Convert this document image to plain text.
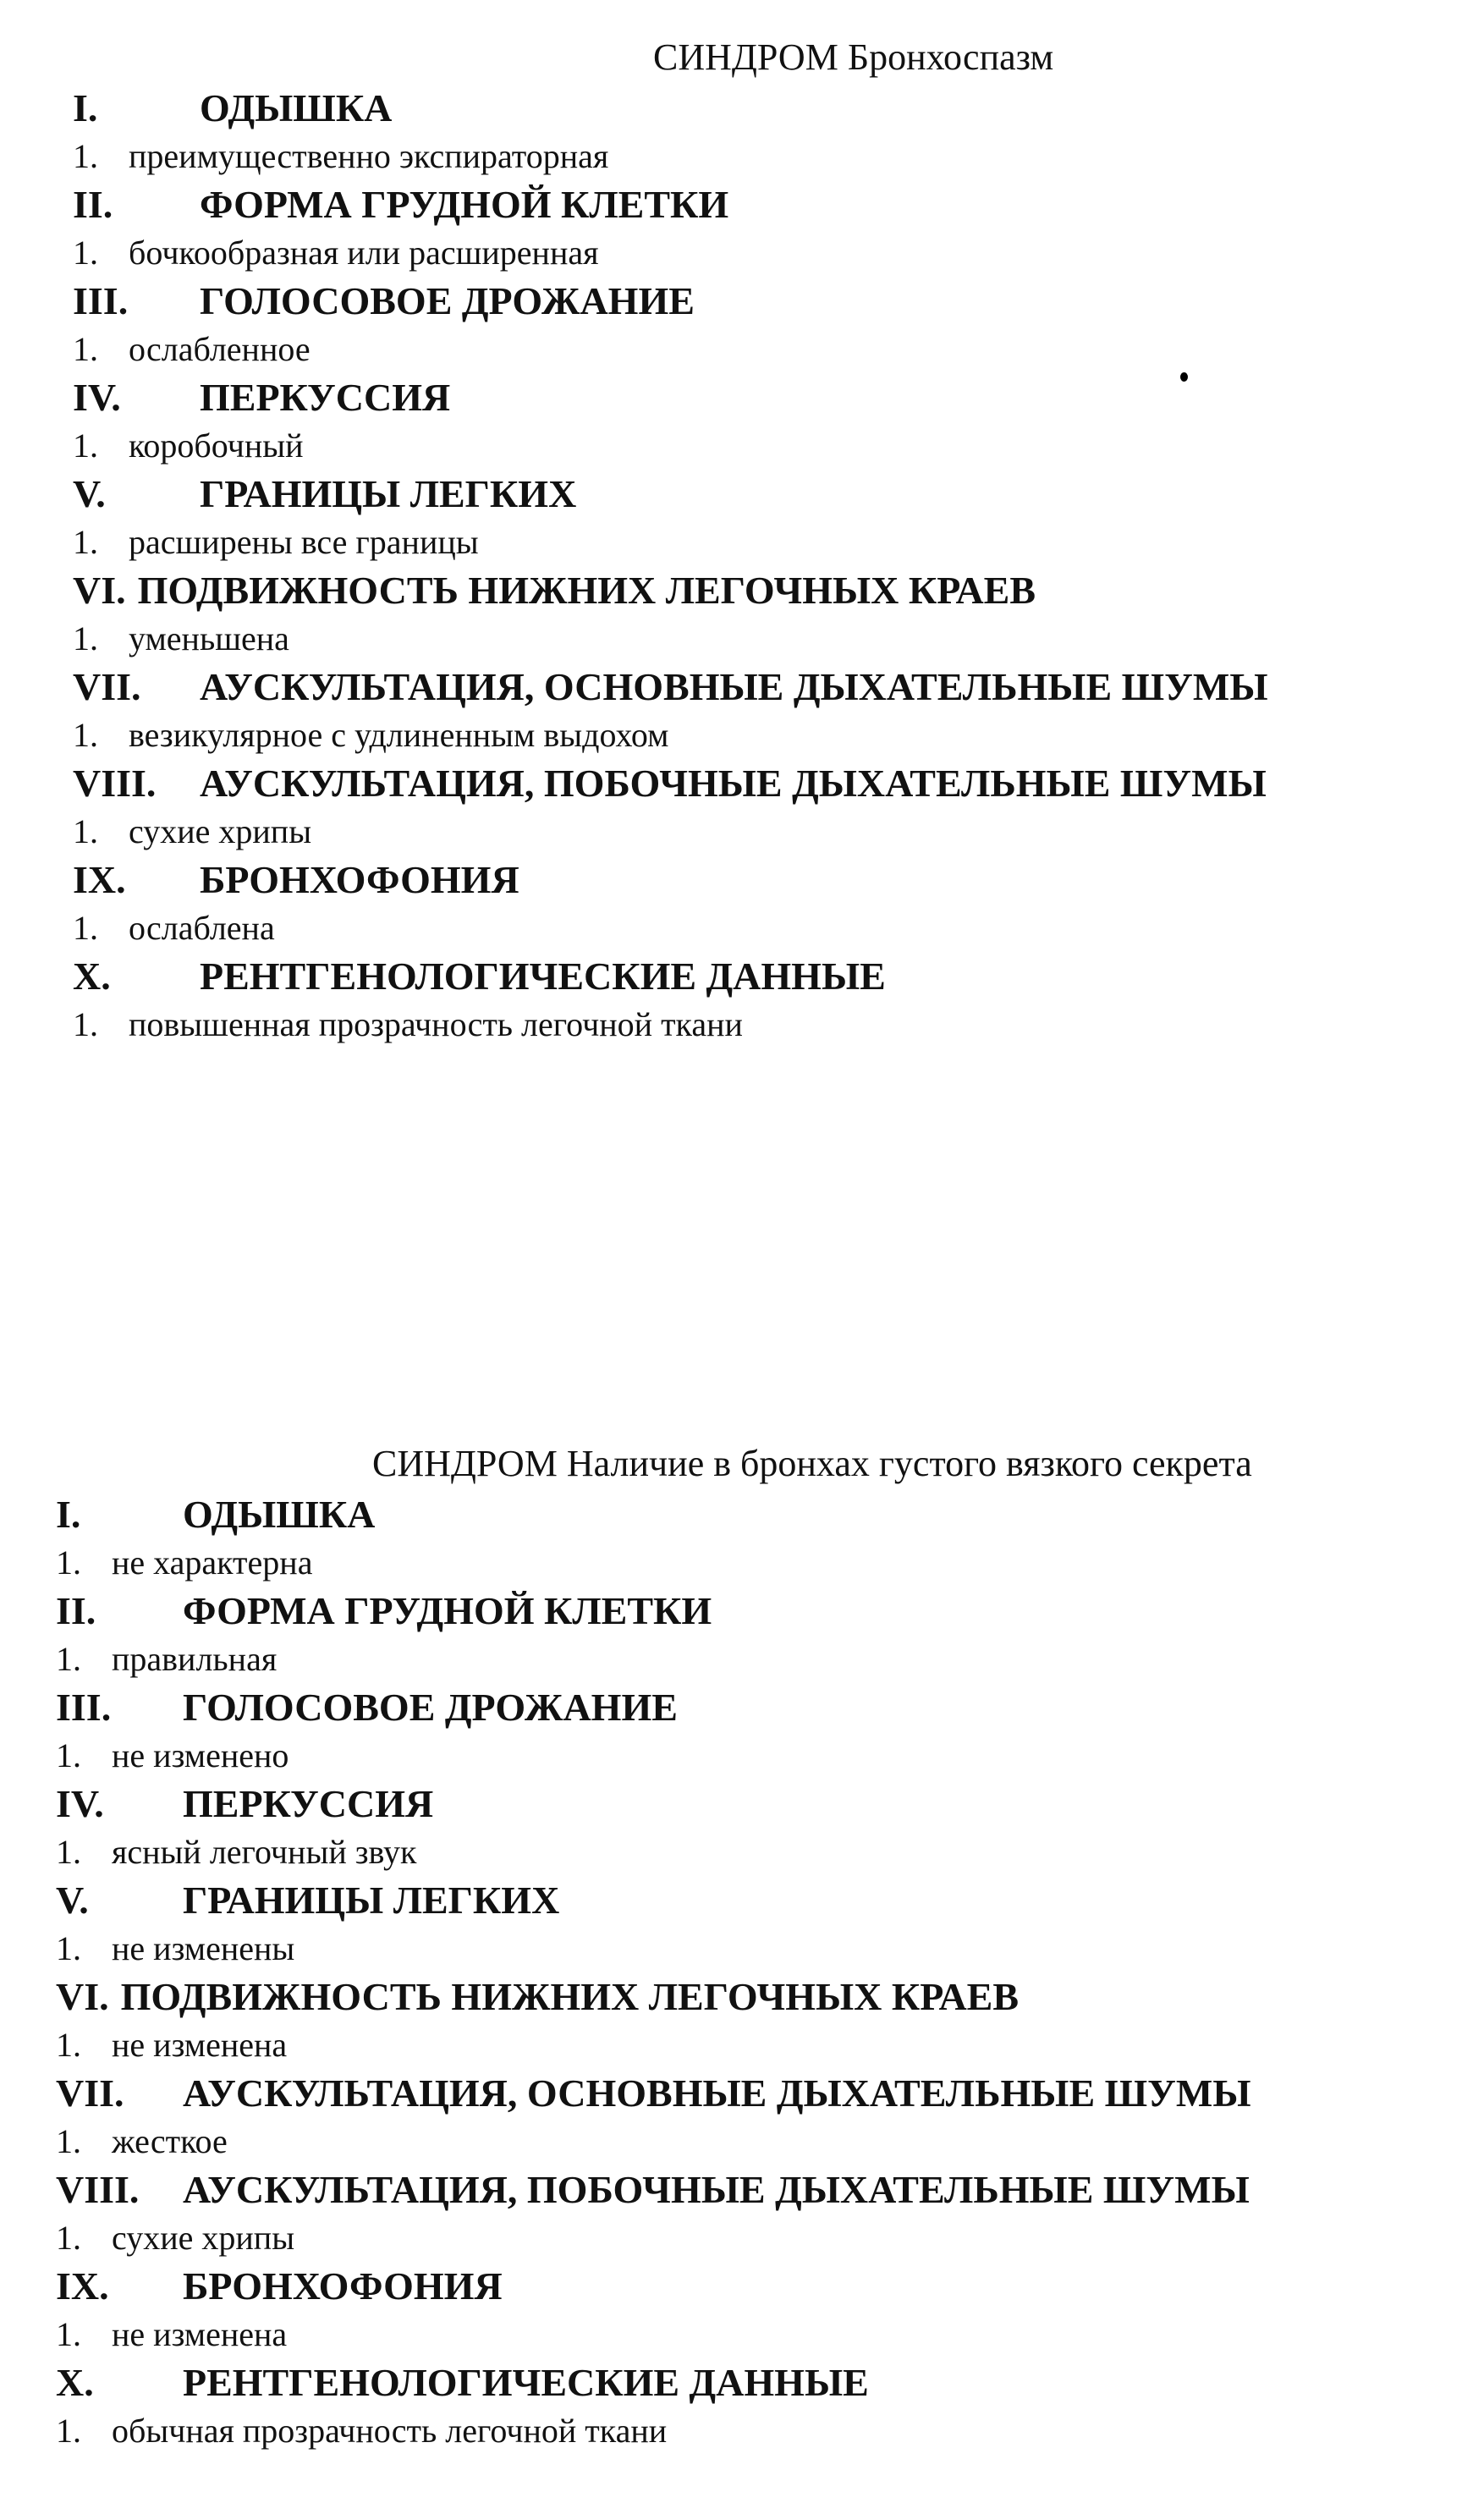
СИНДРОМ Бронхоспазм
I.	ОДЫШКА
1. преимущественно экспираторная
II.	ФОРМА ГРУДНОЙ КЛЕТКИ
1. бочкообразная или расширенная
III.	ГОЛОСОВОЕ ДРОЖАНИЕ
1. ослабленное
IV.	ПЕРКУССИЯ
1. коробочный
V.	ГРАНИЦЫ ЛЕГКИХ
1. расширены все границы
VI. ПОДВИЖНОСТЬ НИЖНИХ ЛЕГОЧНЫХ КРАЕВ
1. уменьшена
VII.	АУСКУЛЬТАЦИЯ, ОСНОВНЫЕ ДЫХАТЕЛЬНЫЕ ШУМЫ
1. везикулярное с удлиненным выдохом
VIII.	АУСКУЛЬТАЦИЯ, ПОБОЧНЫЕ ДЫХАТЕЛЬНЫЕ ШУМЫ
1. сухие хрипы
IX.	БРОНХОФОНИЯ
1. ослаблена
X.	РЕНТГЕНОЛОГИЧЕСКИЕ ДАННЫЕ
1. повышенная прозрачность легочной ткани
СИНДРОМ Наличие в бронхах густого вязкого секрета
I.	ОДЫШКА
1. не характерна
II.	ФОРМА ГРУДНОЙ КЛЕТКИ
1. правильная
III.	ГОЛОСОВОЕ ДРОЖАНИЕ
1. не изменено
IV.	ПЕРКУССИЯ
1. ясный легочный звук
V.	ГРАНИЦЫ ЛЕГКИХ
1. не изменены
VI. ПОДВИЖНОСТЬ НИЖНИХ ЛЕГОЧНЫХ КРАЕВ
1. не изменена
VII.	АУСКУЛЬТАЦИЯ, ОСНОВНЫЕ ДЫХАТЕЛЬНЫЕ ШУМЫ
1. жесткое
VIII.	АУСКУЛЬТАЦИЯ, ПОБОЧНЫЕ ДЫХАТЕЛЬНЫЕ ШУМЫ
1. сухие хрипы
IX.	БРОНХОФОНИЯ
1. не изменена
X.	РЕНТГЕНОЛОГИЧЕСКИЕ ДАННЫЕ
1. обычная прозрачность легочной ткани
